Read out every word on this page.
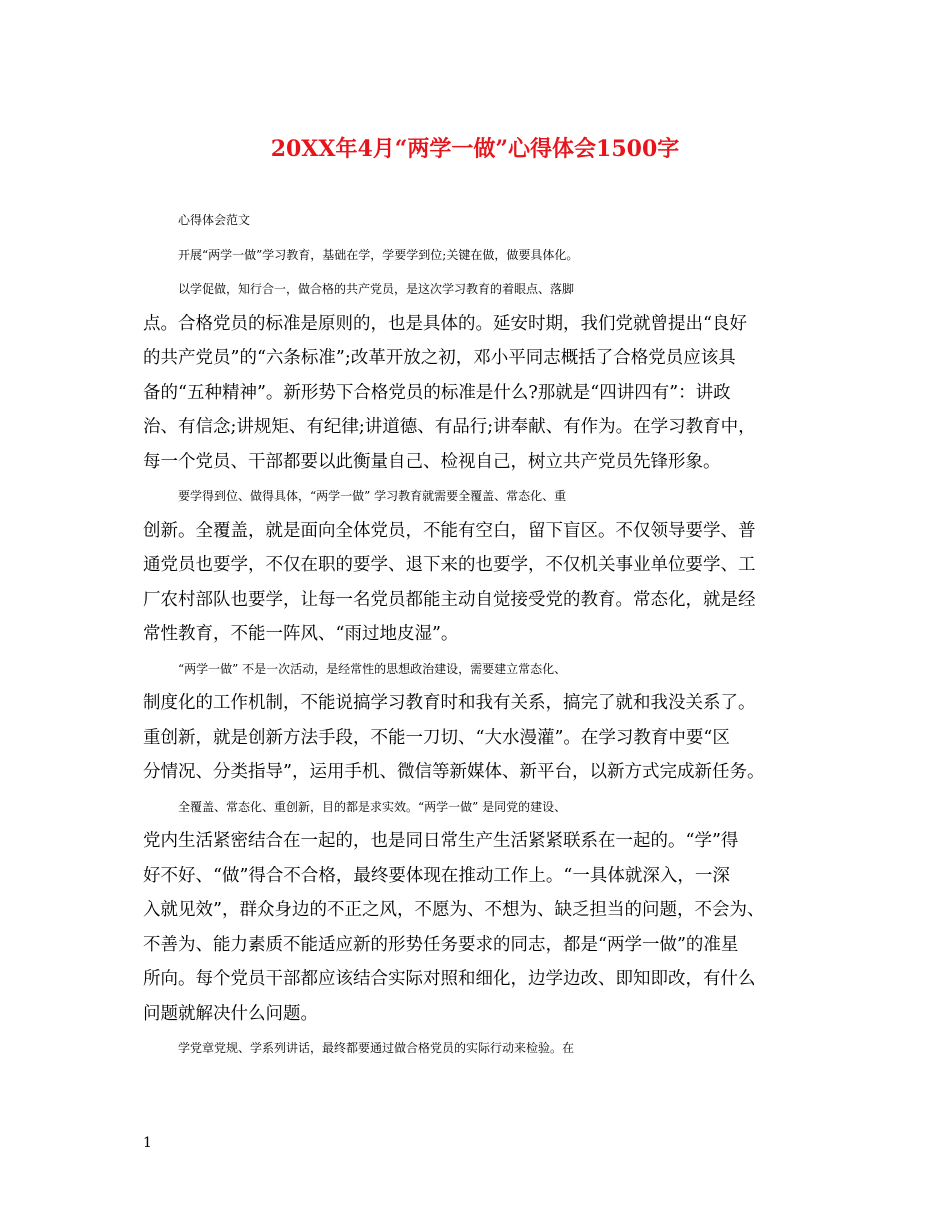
20XX年4月“两学一做”心得体会1500字
心得体会范文
开展“两学一做”学习教育，基础在学，学要学到位;关键在做，做要具体化。
以学促做，知行合一，做合格的共产党员，是这次学习教育的着眼点、落脚
点。合格党员的标准是原则的，也是具体的。延安时期，我们党就曾提出“良好
的共产党员”的“六条标准”;改革开放之初，邓小平同志概括了合格党员应该具
备的“五种精神”。新形势下合格党员的标准是什么?那就是“四讲四有”：讲政
治、有信念;讲规矩、有纪律;讲道德、有品行;讲奉献、有作为。在学习教育中，
每一个党员、干部都要以此衡量自己、检视自己，树立共产党员先锋形象。
要学得到位、做得具体，“两学一做” 学习教育就需要全覆盖、常态化、重
创新。全覆盖，就是面向全体党员，不能有空白，留下盲区。不仅领导要学、普
通党员也要学，不仅在职的要学、退下来的也要学，不仅机关事业单位要学、工
厂农村部队也要学，让每一名党员都能主动自觉接受党的教育。常态化，就是经
常性教育，不能一阵风、“雨过地皮湿”。
“两学一做” 不是一次活动，是经常性的思想政治建设，需要建立常态化、
制度化的工作机制，不能说搞学习教育时和我有关系，搞完了就和我没关系了。
重创新，就是创新方法手段，不能一刀切、“大水漫灌”。在学习教育中要“区
分情况、分类指导”，运用手机、微信等新媒体、新平台，以新方式完成新任务。
全覆盖、常态化、重创新，目的都是求实效。“两学一做” 是同党的建设、
党内生活紧密结合在一起的，也是同日常生产生活紧紧联系在一起的。“学”得
好不好、“做”得合不合格，最终要体现在推动工作上。“一具体就深入，一深
入就见效”，群众身边的不正之风，不愿为、不想为、缺乏担当的问题，不会为、
不善为、能力素质不能适应新的形势任务要求的同志，都是“两学一做”的准星
所向。每个党员干部都应该结合实际对照和细化，边学边改、即知即改，有什么
问题就解决什么问题。
学党章党规、学系列讲话，最终都要通过做合格党员的实际行动来检验。在
1
